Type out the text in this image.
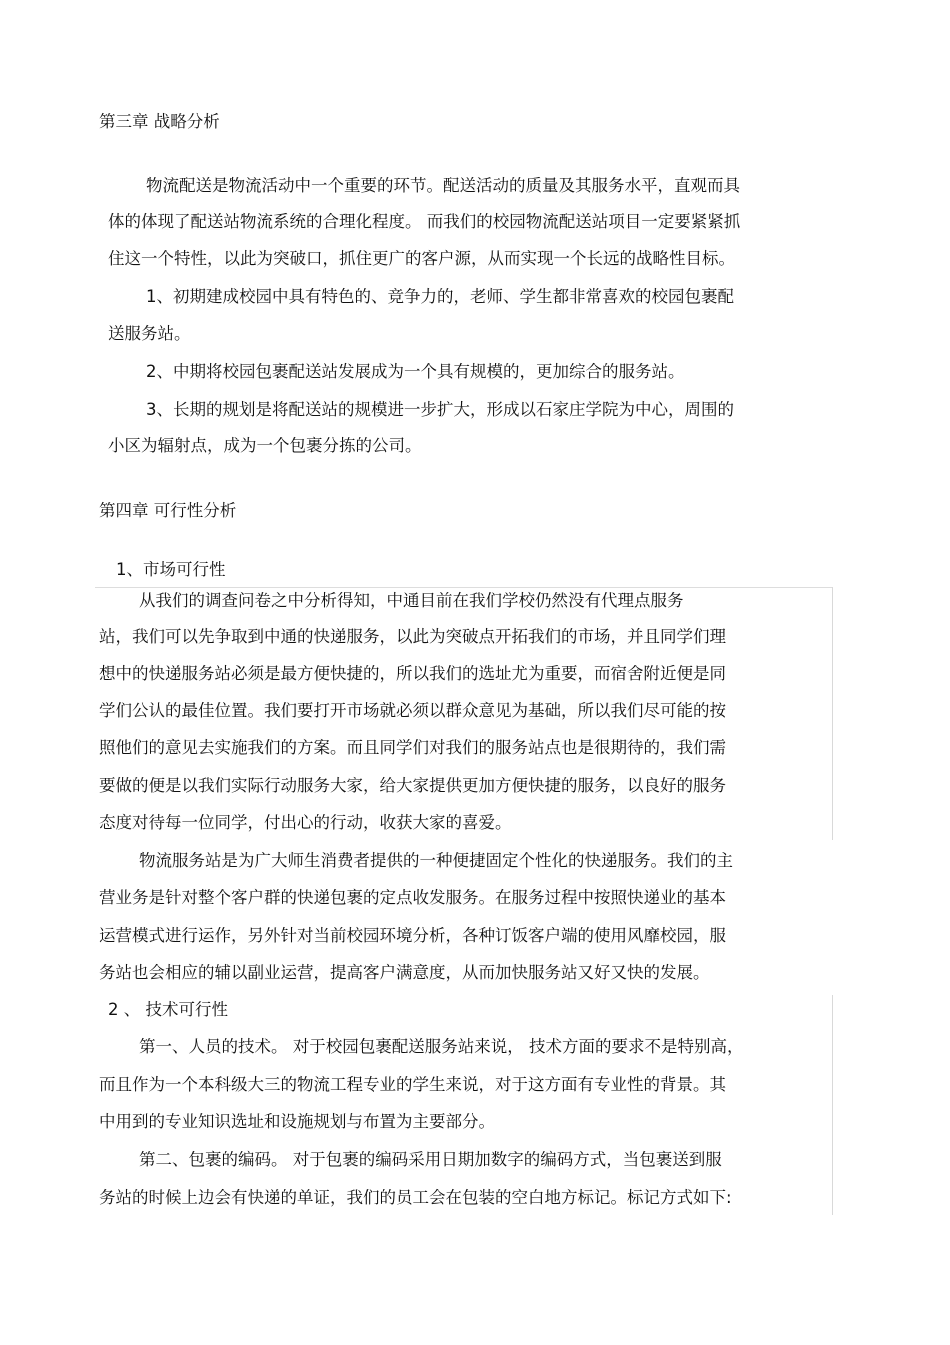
第三章 战略分析
物流配送是物流活动中一个重要的环节。配送活动的质量及其服务水平，直观而具
体的体现了配送站物流系统的合理化程度。 而我们的校园物流配送站项目一定要紧紧抓
住这一个特性，以此为突破口，抓住更广的客户源，从而实现一个长远的战略性目标。
1、初期建成校园中具有特色的、竞争力的，老师、学生都非常喜欢的校园包裹配
送服务站。
2、中期将校园包裹配送站发展成为一个具有规模的，更加综合的服务站。
3、长期的规划是将配送站的规模进一步扩大，形成以石家庄学院为中心，周围的
小区为辐射点，成为一个包裹分拣的公司。
第四章 可行性分析
1、市场可行性
从我们的调查问卷之中分析得知，中通目前在我们学校仍然没有代理点服务
站，我们可以先争取到中通的快递服务，以此为突破点开拓我们的市场，并且同学们理
想中的快递服务站必须是最方便快捷的，所以我们的选址尤为重要，而宿舍附近便是同
学们公认的最佳位置。我们要打开市场就必须以群众意见为基础，所以我们尽可能的按
照他们的意见去实施我们的方案。而且同学们对我们的服务站点也是很期待的，我们需
要做的便是以我们实际行动服务大家，给大家提供更加方便快捷的服务，以良好的服务
态度对待每一位同学，付出心的行动，收获大家的喜爱。
物流服务站是为广大师生消费者提供的一种便捷固定个性化的快递服务。我们的主
营业务是针对整个客户群的快递包裹的定点收发服务。在服务过程中按照快递业的基本
运营模式进行运作，另外针对当前校园环境分析，各种订饭客户端的使用风靡校园，服
务站也会相应的辅以副业运营，提高客户满意度，从而加快服务站又好又快的发展。
2 、 技术可行性
第一、人员的技术。 对于校园包裹配送服务站来说， 技术方面的要求不是特别高，
而且作为一个本科级大三的物流工程专业的学生来说，对于这方面有专业性的背景。其
中用到的专业知识选址和设施规划与布置为主要部分。
第二、包裹的编码。 对于包裹的编码采用日期加数字的编码方式，当包裹送到服
务站的时候上边会有快递的单证，我们的员工会在包装的空白地方标记。标记方式如下:
